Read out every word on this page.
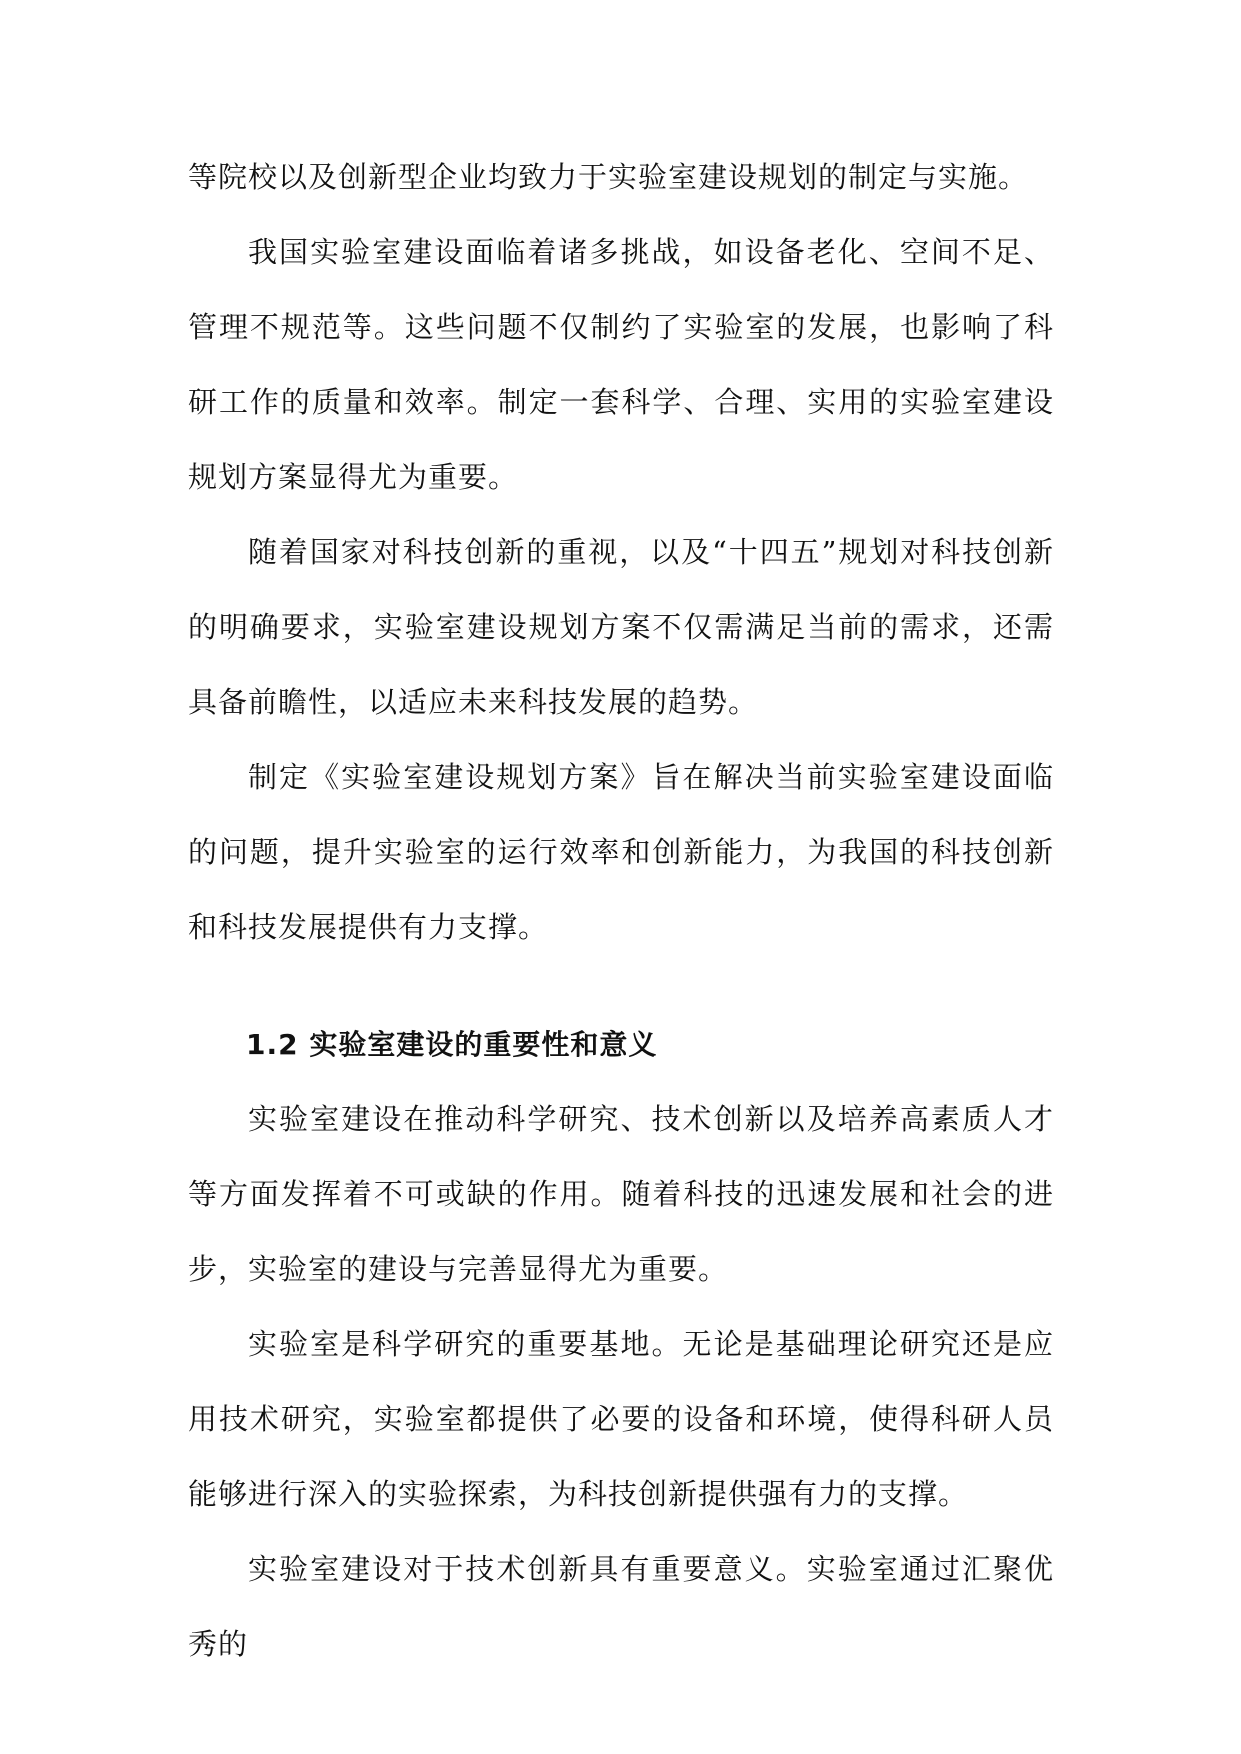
等院校以及创新型企业均致力于实验室建设规划的制定与实施。

我国实验室建设面临着诸多挑战，如设备老化、空间不足、管理不规范等。这些问题不仅制约了实验室的发展，也影响了科研工作的质量和效率。制定一套科学、合理、实用的实验室建设规划方案显得尤为重要。

随着国家对科技创新的重视，以及“十四五”规划对科技创新的明确要求，实验室建设规划方案不仅需满足当前的需求，还需具备前瞻性，以适应未来科技发展的趋势。

制定《实验室建设规划方案》旨在解决当前实验室建设面临的问题，提升实验室的运行效率和创新能力，为我国的科技创新和科技发展提供有力支撑。

1.2 实验室建设的重要性和意义

实验室建设在推动科学研究、技术创新以及培养高素质人才等方面发挥着不可或缺的作用。随着科技的迅速发展和社会的进步，实验室的建设与完善显得尤为重要。

实验室是科学研究的重要基地。无论是基础理论研究还是应用技术研究，实验室都提供了必要的设备和环境，使得科研人员能够进行深入的实验探索，为科技创新提供强有力的支撑。

实验室建设对于技术创新具有重要意义。实验室通过汇聚优秀的
